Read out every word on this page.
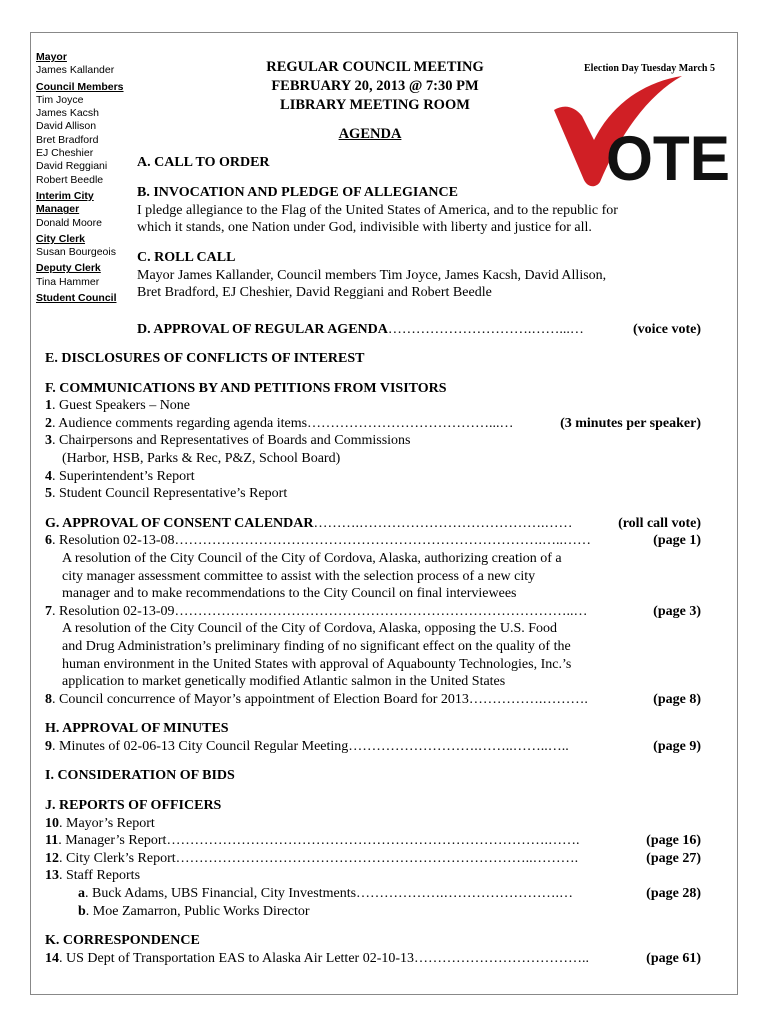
Mayor
James Kallander
Council Members
Tim Joyce
James Kacsh
David Allison
Bret Bradford
EJ Cheshier
David Reggiani
Robert Beedle
Interim City Manager
Donald Moore
City Clerk
Susan Bourgeois
Deputy Clerk
Tina Hammer
Student Council
REGULAR COUNCIL MEETING
FEBRUARY 20, 2013 @ 7:30 PM
LIBRARY MEETING ROOM
AGENDA	OTE
Election Day Tuesday March 5
A. CALL TO ORDER
B. INVOCATION AND PLEDGE OF ALLEGIANCE
I pledge allegiance to the Flag of the United States of America, and to the republic for
which it stands, one Nation under God, indivisible with liberty and justice for all.
C. ROLL CALL
Mayor James Kallander, Council members Tim Joyce, James Kacsh, David Allison,
Bret Bradford, EJ Cheshier, David Reggiani and Robert Beedle
D. APPROVAL OF REGULAR AGENDA………………………….……...…	(voice vote)
E. DISCLOSURES OF CONFLICTS OF INTEREST
F. COMMUNICATIONS BY AND PETITIONS FROM VISITORS
1. Guest Speakers – None
2. Audience comments regarding agenda items…………………………………...…	(3 minutes per speaker)
3. Chairpersons and Representatives of Boards and Commissions
(Harbor, HSB, Parks & Rec, P&Z, School Board)
4. Superintendent’s Report
5. Student Council Representative’s Report
G. APPROVAL OF CONSENT CALENDAR……….………………………………….……	(roll call vote)
6. Resolution 02-13-08…………………………………………………………………….…..……	(page 1)
A resolution of the City Council of the City of Cordova, Alaska, authorizing creation of a
city manager assessment committee to assist with the selection process of a new city
manager and to make recommendations to the City Council on final interviewees
7. Resolution 02-13-09…………………………………………………………………………..…	(page 3)
A resolution of the City Council of the City of Cordova, Alaska, opposing the U.S. Food
and Drug Administration’s preliminary finding of no significant effect on the quality of the
human environment in the United States with approval of Aquabounty Technologies, Inc.’s
application to market genetically modified Atlantic salmon in the United States
8. Council concurrence of Mayor’s appointment of Election Board for 2013…………….……….	(page 8)
H. APPROVAL OF MINUTES
9. Minutes of 02-06-13 City Council Regular Meeting……………………….……..……..…..	(page 9)
I. CONSIDERATION OF BIDS
J. REPORTS OF OFFICERS
10. Mayor’s Report
11. Manager’s Report……………………………………………………………………….…….	(page 16)
12. City Clerk’s Report…………………………………………………………………..……….	(page 27)
13. Staff Reports
a. Buck Adams, UBS Financial, City Investments……………….…………………….…	(page 28)
b. Moe Zamarron, Public Works Director
K. CORRESPONDENCE
14. US Dept of Transportation EAS to Alaska Air Letter 02-10-13………………………………..	(page 61)
